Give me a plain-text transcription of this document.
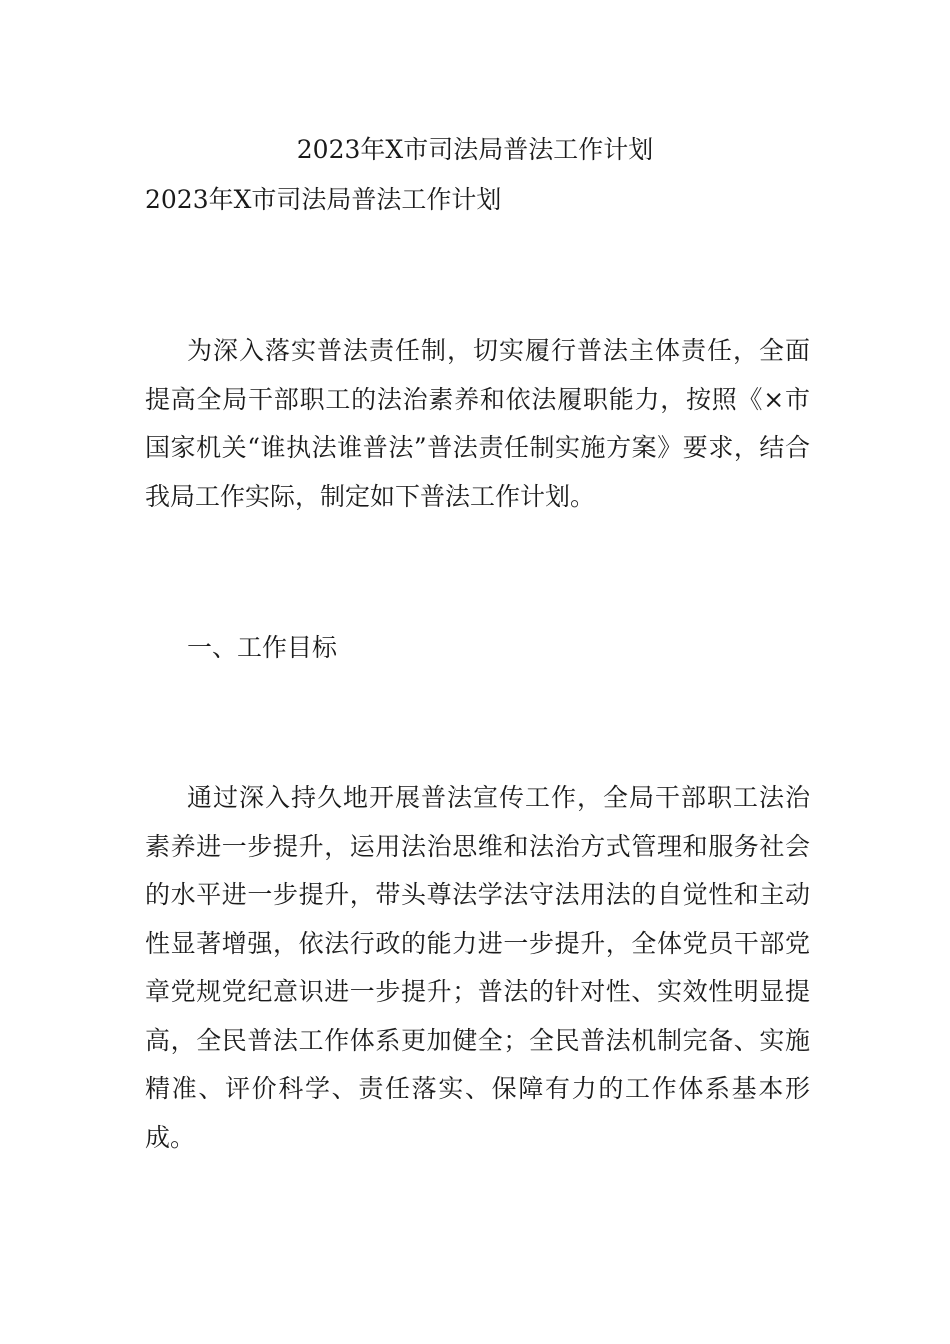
2023年X市司法局普法工作计划
2023年X市司法局普法工作计划

为深入落实普法责任制，切实履行普法主体责任，全面提高全局干部职工的法治素养和依法履职能力，按照《×市国家机关“谁执法谁普法”普法责任制实施方案》要求，结合我局工作实际，制定如下普法工作计划。

一、工作目标

通过深入持久地开展普法宣传工作，全局干部职工法治素养进一步提升，运用法治思维和法治方式管理和服务社会的水平进一步提升，带头尊法学法守法用法的自觉性和主动性显著增强，依法行政的能力进一步提升，全体党员干部党章党规党纪意识进一步提升；普法的针对性、实效性明显提高，全民普法工作体系更加健全；全民普法机制完备、实施精准、评价科学、责任落实、保障有力的工作体系基本形成。
